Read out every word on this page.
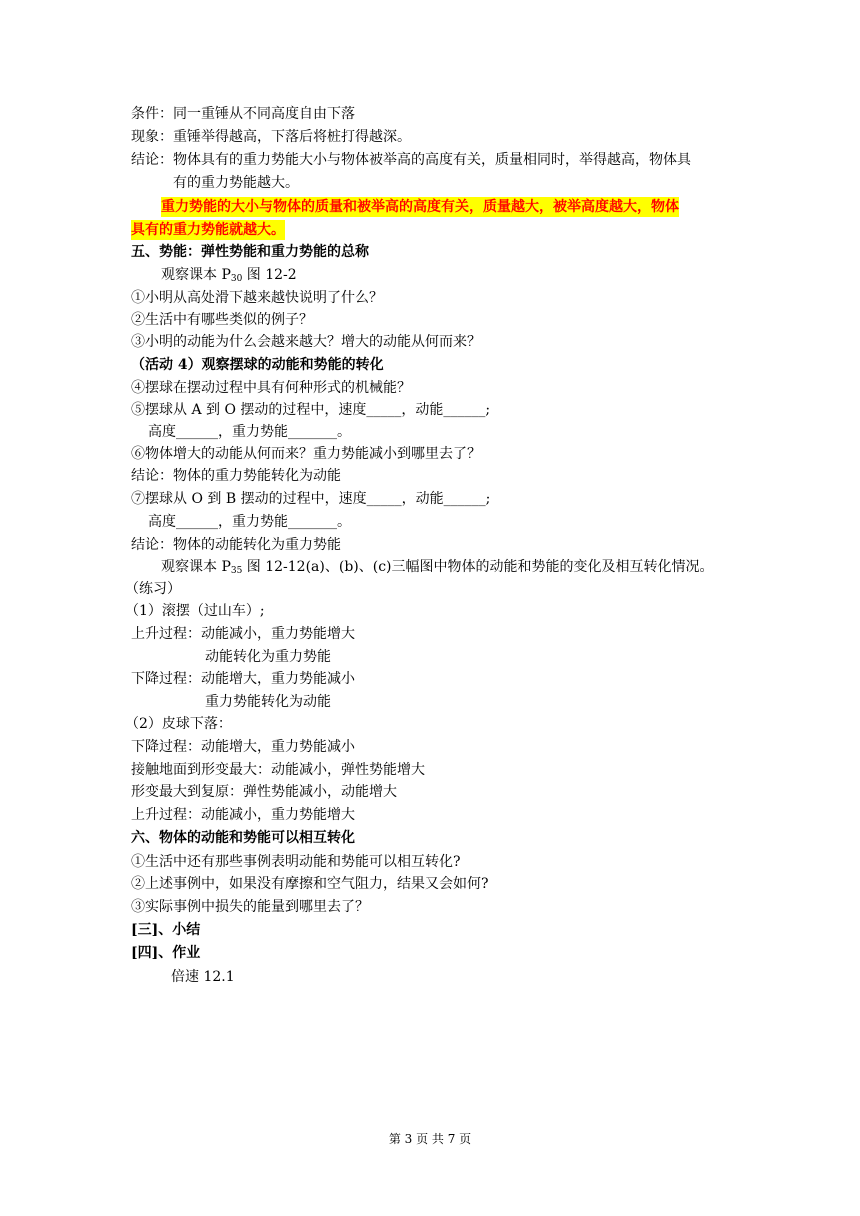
条件：同一重锤从不同高度自由下落
现象：重锤举得越高，下落后将桩打得越深。
结论：物体具有的重力势能大小与物体被举高的高度有关，质量相同时，举得越高，物体具
有的重力势能越大。
重力势能的大小与物体的质量和被举高的高度有关，质量越大，被举高度越大，物体
具有的重力势能就越大。
五、势能：弹性势能和重力势能的总称
观察课本 $P_{30}$ 图 12-2
①小明从高处滑下越来越快说明了什么？
②生活中有哪些类似的例子？
③小明的动能为什么会越来越大？增大的动能从何而来？
（活动 4）观察摆球的动能和势能的转化
④摆球在摆动过程中具有何种形式的机械能？
⑤摆球从 A 到 O 摆动的过程中，速度_____，动能______;
高度______，重力势能_______。
⑥物体增大的动能从何而来？重力势能减小到哪里去了？
结论：物体的重力势能转化为动能
⑦摆球从 O 到 B 摆动的过程中，速度_____，动能______;
高度______，重力势能_______。
结论：物体的动能转化为重力势能
观察课本 $P_{35}$ 图 12-12(a)、(b)、(c)三幅图中物体的动能和势能的变化及相互转化情况。
（练习）
（1）滚摆（过山车）;
上升过程：动能减小，重力势能增大
动能转化为重力势能
下降过程：动能增大，重力势能减小
重力势能转化为动能
（2）皮球下落：
下降过程：动能增大，重力势能减小
接触地面到形变最大：动能减小，弹性势能增大
形变最大到复原：弹性势能减小，动能增大
上升过程：动能减小，重力势能增大
六、物体的动能和势能可以相互转化
①生活中还有那些事例表明动能和势能可以相互转化?
②上述事例中，如果没有摩擦和空气阻力，结果又会如何?
③实际事例中损失的能量到哪里去了？
[三]、小结
[四]、作业
倍速 12.1
第 3 页 共 7 页
